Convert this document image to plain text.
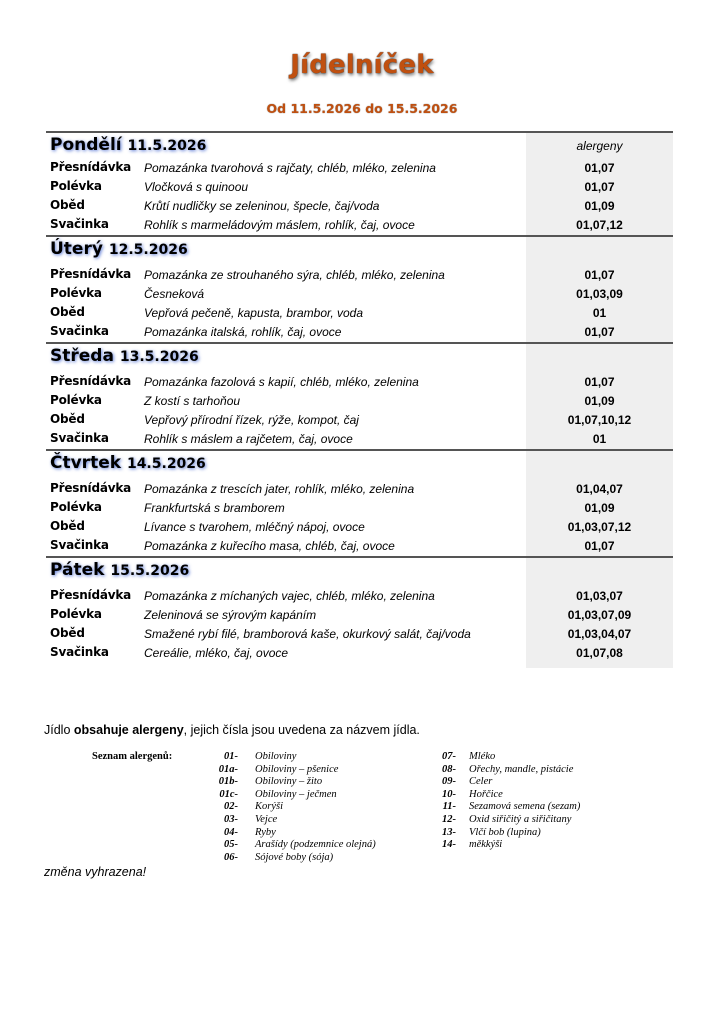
Jídelníček
Od 11.5.2026 do 15.5.2026
Pondělí 11.5.2026	alergeny
Přesnídávka Pomazánka tvarohová s rajčaty, chléb, mléko, zelenina	01,07
Polévka	Vločková s quinoou	01,07
Oběd	Krůtí nudličky se zeleninou, špecle, čaj/voda	01,09
Svačinka	Rohlík s marmeládovým máslem, rohlík, čaj, ovoce	01,07,12
Úterý 12.5.2026
Přesnídávka Pomazánka ze strouhaného sýra, chléb, mléko, zelenina	01,07
Polévka	Česneková	01,03,09
Oběd	Vepřová pečeně, kapusta, brambor, voda	01
Svačinka	Pomazánka italská, rohlík, čaj, ovoce	01,07
Středa 13.5.2026
Přesnídávka Pomazánka fazolová s kapií, chléb, mléko, zelenina	01,07
Polévka	Z kostí s tarhoňou	01,09
Oběd	Vepřový přírodní řízek, rýže, kompot, čaj	01,07,10,12
Svačinka	Rohlík s máslem a rajčetem, čaj, ovoce	01
Čtvrtek 14.5.2026
Přesnídávka Pomazánka z trescích jater, rohlík, mléko, zelenina	01,04,07
Polévka	Frankfurtská s bramborem	01,09
Oběd	Lívance s tvarohem, mléčný nápoj, ovoce	01,03,07,12
Svačinka	Pomazánka z kuřecího masa, chléb, čaj, ovoce	01,07
Pátek 15.5.2026
Přesnídávka Pomazánka z míchaných vajec, chléb, mléko, zelenina	01,03,07
Polévka	Zeleninová se sýrovým kapáním	01,03,07,09
Oběd	Smažené rybí filé, bramborová kaše, okurkový salát, čaj/voda	01,03,04,07
Svačinka	Cereálie, mléko, čaj, ovoce	01,07,08
Jídlo obsahuje alergeny, jejich čísla jsou uvedena za názvem jídla.
Seznam alergenů:	01- Obiloviny
01a- Obiloviny – pšenice
01b- Obiloviny – žito
01c- Obiloviny – ječmen
02- Korýši
03- Vejce
04- Ryby
05- Arašídy (podzemnice olejná)
06- Sójové boby (sója)
07- Mléko
08- Ořechy, mandle, pistácie
09- Celer
10- Hořčice
11- Sezamová semena (sezam)
12- Oxid siřičitý a siřičitany
13- Vlčí bob (lupina)
14- měkkýši
změna vyhrazena!
